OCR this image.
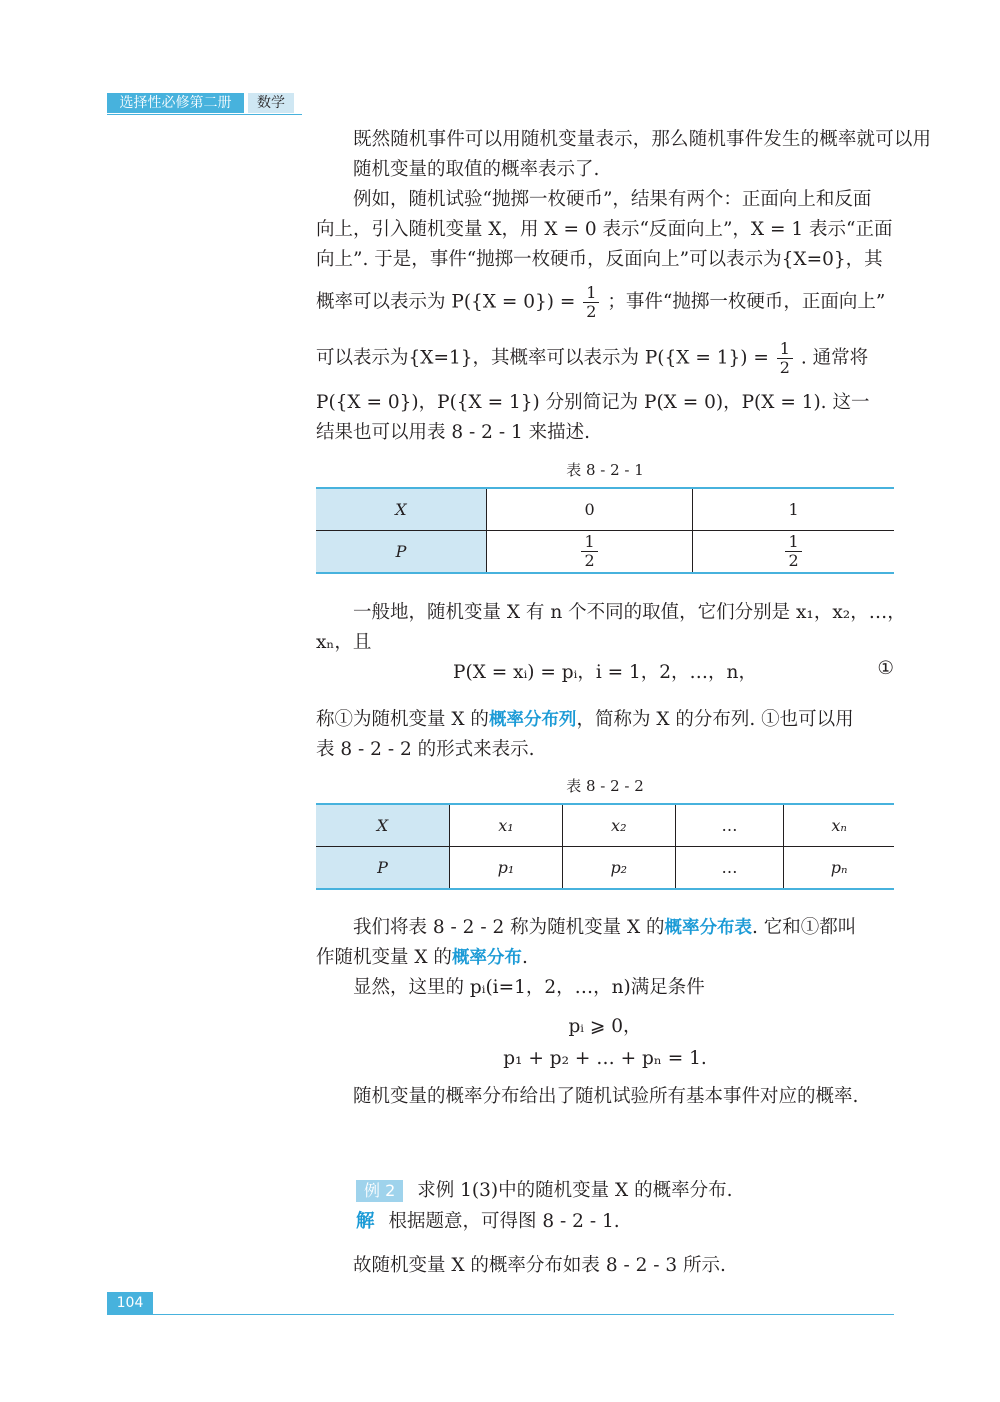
选择性必修第二册	数学
既然随机事件可以用随机变量表示，那么随机事件发生的概率就可以用随机变量的取值的概率表示了.
例如，随机试验“抛掷一枚硬币”，结果有两个：正面向上和反面
向上，引入随机变量 X，用 X = 0 表示“反面向上”，X = 1 表示“正面
向上”. 于是，事件“抛掷一枚硬币，反面向上”可以表示为{X=0}，其
概率可以表示为 $P(\{X = 0\}) = \frac{1}{2}$ ；事件“抛掷一枚硬币，正面向上”
可以表示为{X=1}，其概率可以表示为 $P(\{X = 1\}) = \frac{1}{2}$ . 通常将
P({X = 0})，P({X = 1}) 分别简记为 P(X = 0)，P(X = 1). 这一
结果也可以用表 8 - 2 - 1 来描述.
表 8 - 2 - 1
X	0	1
P	$\frac{1}{2}$	$\frac{1}{2}$
一般地，随机变量 X 有 n 个不同的取值，它们分别是 x₁，x₂，…，
xₙ，且
P(X = xᵢ) = pᵢ，i = 1，2，…，n，	①
称①为随机变量 X 的概率分布列，简称为 X 的分布列. ①也可以用
表 8 - 2 - 2 的形式来表示.
表 8 - 2 - 2
X	x₁	x₂	…	xₙ
P	p₁	p₂	…	pₙ
我们将表 8 - 2 - 2 称为随机变量 X 的概率分布表. 它和①都叫
作随机变量 X 的概率分布.
显然，这里的 pᵢ(i=1，2，…，n)满足条件
pᵢ ⩾ 0，
p₁ + p₂ + … + pₙ = 1.
随机变量的概率分布给出了随机试验所有基本事件对应的概率.
例 2 求例 1(3)中的随机变量 X 的概率分布.
解 根据题意，可得图 8 - 2 - 1.
故随机变量 X 的概率分布如表 8 - 2 - 3 所示.
104
